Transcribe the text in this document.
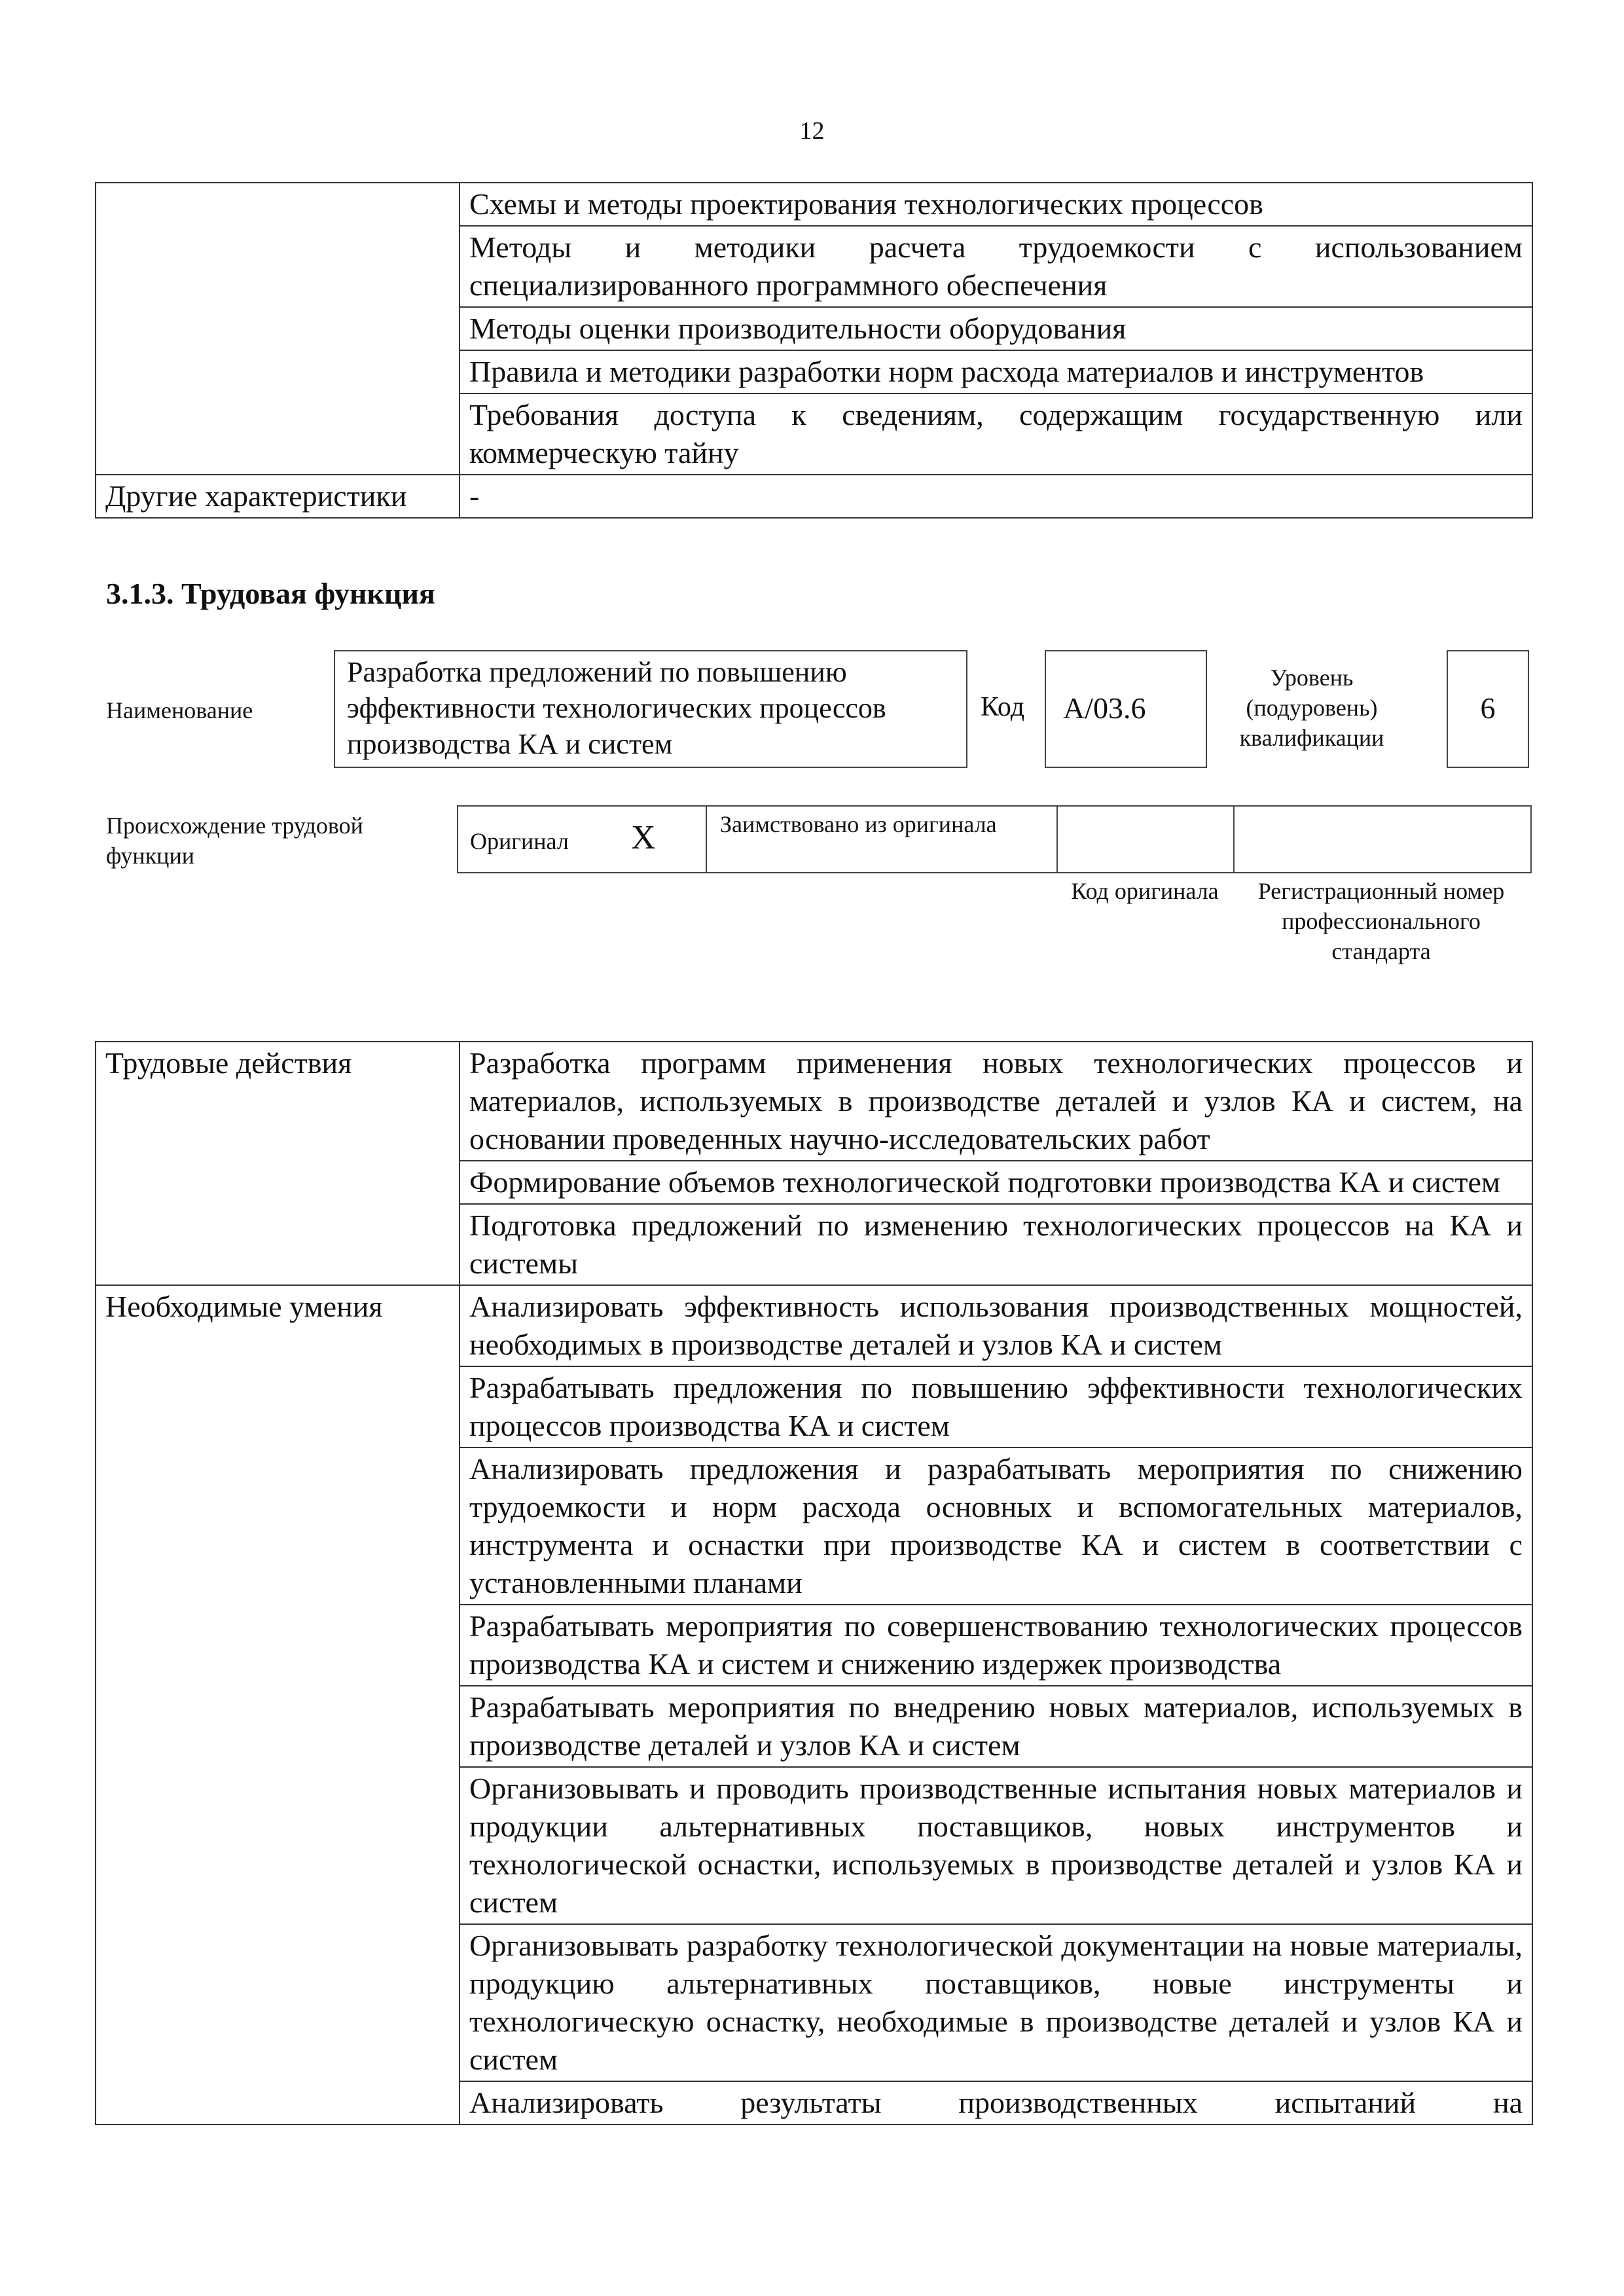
12
	Схемы и методы проектирования технологических процессов
	Методы и методики расчета трудоемкости с использованием специализированного программного обеспечения
	Методы оценки производительности оборудования
	Правила и методики разработки норм расхода материалов и инструментов
	Требования доступа к сведениям, содержащим государственную или коммерческую тайну
Другие характеристики	-
3.1.3. Трудовая функция
Наименование
Разработка предложений по повышению эффективности технологических процессов производства КА и систем
Код	A/03.6
Уровень (подуровень) квалификации
6
Происхождение трудовой функции
Оригинал X	Заимствовано из оригинала
Код оригинала	Регистрационный номер профессионального стандарта
Трудовые действия	Разработка программ применения новых технологических процессов и материалов, используемых в производстве деталей и узлов КА и систем, на основании проведенных научно-исследовательских работ
	Формирование объемов технологической подготовки производства КА и систем
	Подготовка предложений по изменению технологических процессов на КА и системы
Необходимые умения	Анализировать эффективность использования производственных мощностей, необходимых в производстве деталей и узлов КА и систем
	Разрабатывать предложения по повышению эффективности технологических процессов производства КА и систем
	Анализировать предложения и разрабатывать мероприятия по снижению трудоемкости и норм расхода основных и вспомогательных материалов, инструмента и оснастки при производстве КА и систем в соответствии с установленными планами
	Разрабатывать мероприятия по совершенствованию технологических процессов производства КА и систем и снижению издержек производства
	Разрабатывать мероприятия по внедрению новых материалов, используемых в производстве деталей и узлов КА и систем
	Организовывать и проводить производственные испытания новых материалов и продукции альтернативных поставщиков, новых инструментов и технологической оснастки, используемых в производстве деталей и узлов КА и систем
	Организовывать разработку технологической документации на новые материалы, продукцию альтернативных поставщиков, новые инструменты и технологическую оснастку, необходимые в производстве деталей и узлов КА и систем
	Анализировать результаты производственных испытаний на
